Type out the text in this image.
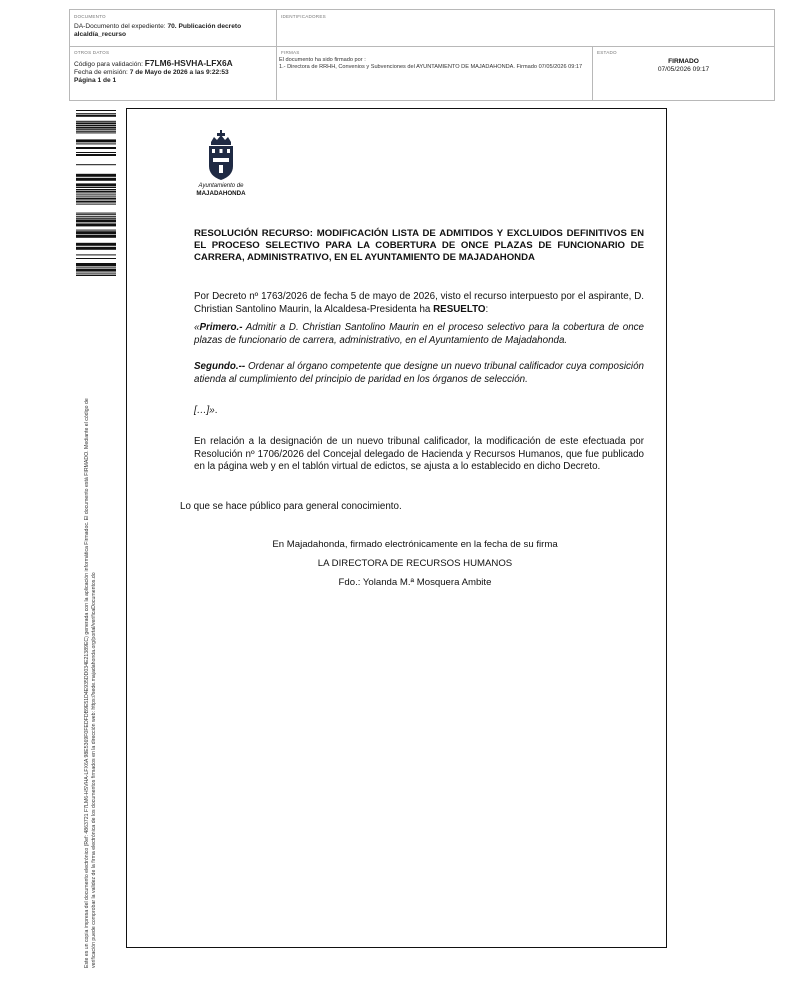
DOCUMENTO
DA-Documento del expediente: 70. Publicación decreto alcaldía_recurso
IDENTIFICADORES
OTROS DATOS
Código para validación: F7LM6-HSVHA-LFX6A
Fecha de emisión: 7 de Mayo de 2026 a las 9:22:53
Página 1 de 1
FIRMAS
El documento ha sido firmado por :
1.- Directora de RRHH, Convenios y Subvenciones del AYUNTAMIENTO DE MAJADAHONDA. Firmado 07/05/2026 09:17
ESTADO
FIRMADO
07/05/2026 09:17
Este es un copia impresa del documento electrónico (Ref: 4863721 F7LM6-HSVHA-LFX6A 98E5369F0FEDFDB9E51D4E935DD034E21389EC) generada con la aplicación informática Firmadoc. El documento está FIRMADO. Mediante el código de verificación puede comprobar la validez de la firma electrónica de los documentos firmados en la dirección web: https://sede.majadahonda.org/portal/verificaDocumentos.do
Ayuntamiento de
MAJADAHONDA
RESOLUCIÓN RECURSO: MODIFICACIÓN LISTA DE ADMITIDOS Y EXCLUIDOS DEFINITIVOS EN EL PROCESO SELECTIVO PARA LA COBERTURA DE ONCE PLAZAS DE FUNCIONARIO DE CARRERA, ADMINISTRATIVO, EN EL AYUNTAMIENTO DE MAJADAHONDA
Por Decreto nº 1763/2026 de fecha 5 de mayo de 2026, visto el recurso interpuesto por el aspirante, D. Christian Santolino Maurin, la Alcaldesa-Presidenta ha RESUELTO:
«Primero.- Admitir a D. Christian Santolino Maurin en el proceso selectivo para la cobertura de once plazas de funcionario de carrera, administrativo, en el Ayuntamiento de Majadahonda.
Segundo.-- Ordenar al órgano competente que designe un nuevo tribunal calificador cuya composición atienda al cumplimiento del principio de paridad en los órganos de selección.
[…]».
En relación a la designación de un nuevo tribunal calificador, la modificación de este efectuada por Resolución nº 1706/2026 del Concejal delegado de Hacienda y Recursos Humanos, que fue publicado en la página web y en el tablón virtual de edictos, se ajusta a lo establecido en dicho Decreto.
Lo que se hace público para general conocimiento.
En Majadahonda, firmado electrónicamente en la fecha de su firma
LA DIRECTORA DE RECURSOS HUMANOS
Fdo.: Yolanda M.ª Mosquera Ambite
